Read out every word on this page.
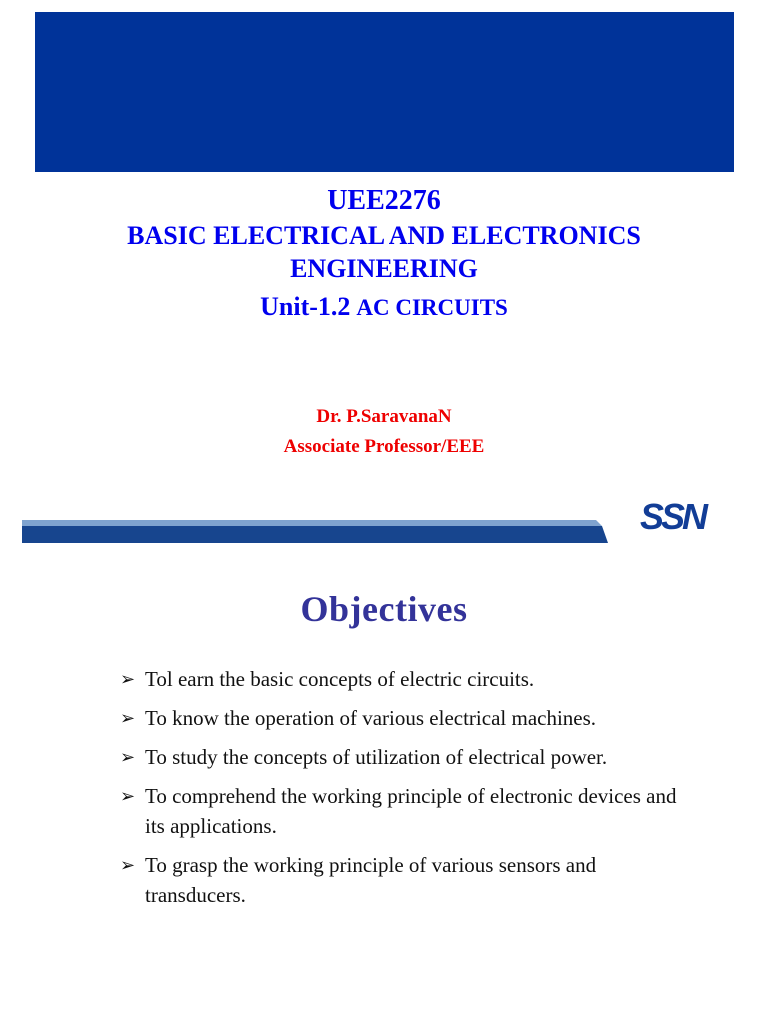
UEE2276
BASIC ELECTRICAL AND ELECTRONICS
ENGINEERING
Unit-1.2 AC CIRCUITS
Dr. P.SaravanaN
Associate Professor/EEE
SSN
Objectives
➢ Tol earn the basic concepts of electric circuits.
➢ To know the operation of various electrical machines.
➢ To study the concepts of utilization of electrical power.
➢ To comprehend the working principle of electronic devices and its applications.
➢ To grasp the working principle of various sensors and transducers.
